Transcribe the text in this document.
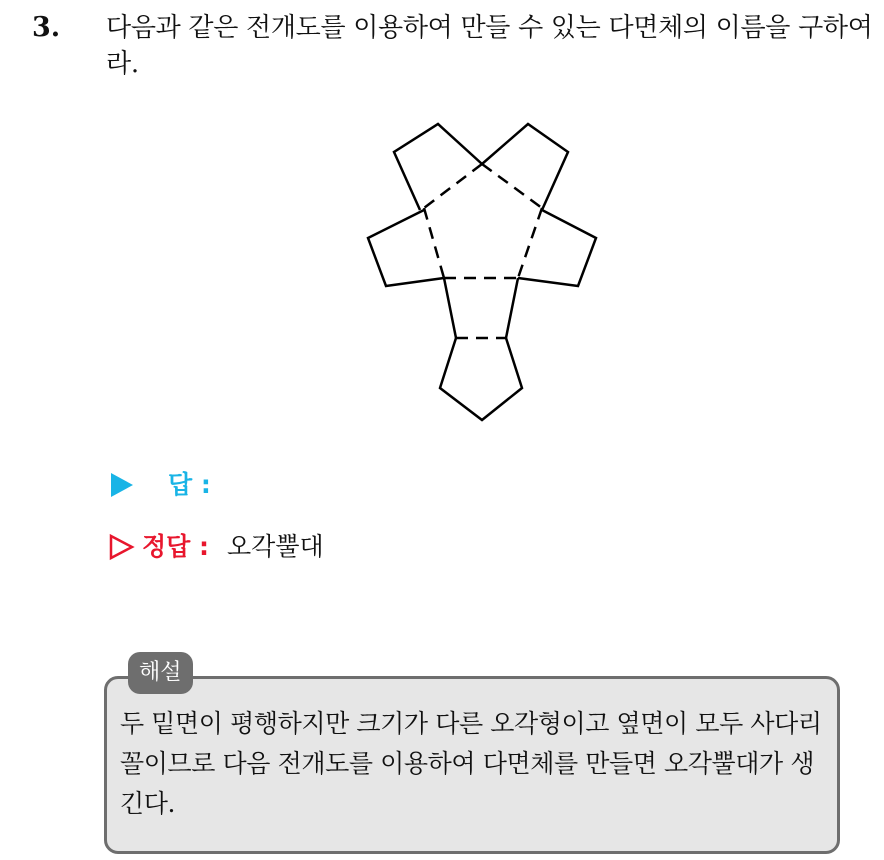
3. 다음과 같은 전개도를 이용하여 만들 수 있는 다면체의 이름을 구하여라.
답 :
정답 : 오각뿔대
해설
두 밑면이 평행하지만 크기가 다른 오각형이고 옆면이 모두 사다리꼴이므로 다음 전개도를 이용하여 다면체를 만들면 오각뿔대가 생긴다.
